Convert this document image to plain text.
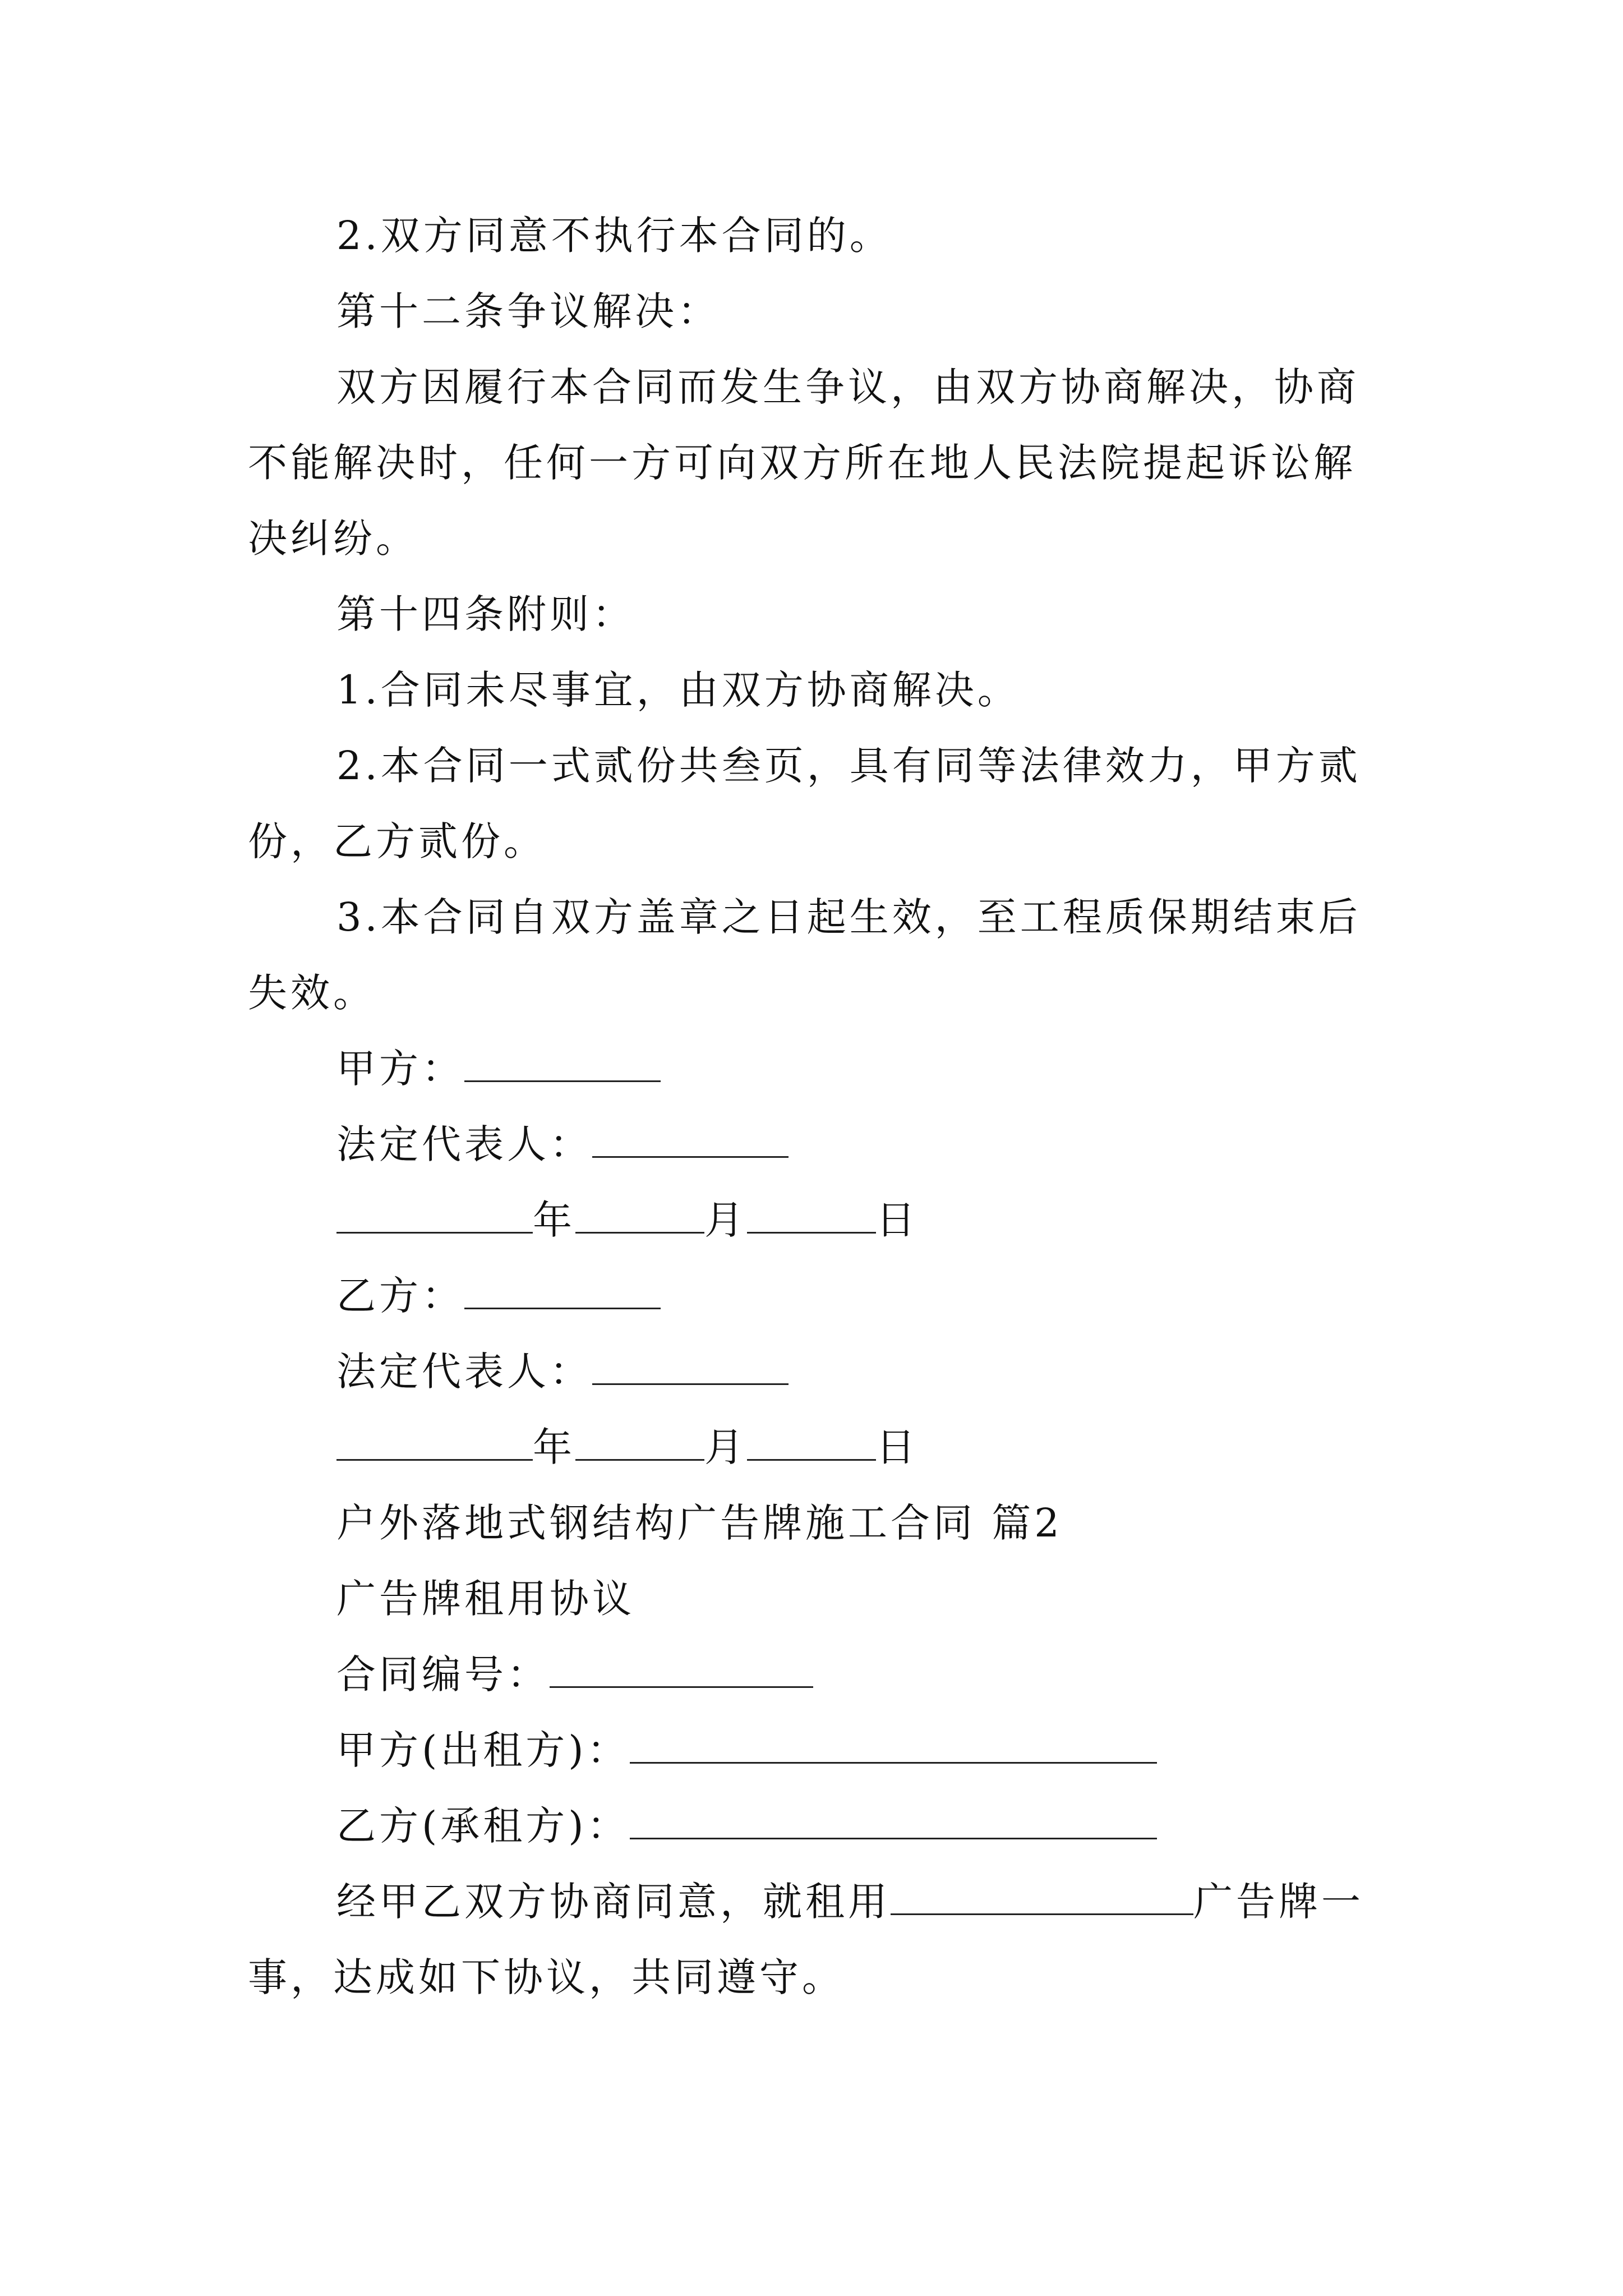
2.双方同意不执行本合同的。
第十二条争议解决：
双方因履行本合同而发生争议，由双方协商解决，协商
不能解决时，任何一方可向双方所在地人民法院提起诉讼解
决纠纷。
第十四条附则：
1.合同未尽事宜，由双方协商解决。
2.本合同一式贰份共叁页，具有同等法律效力，甲方贰
份，乙方贰份。
3.本合同自双方盖章之日起生效，至工程质保期结束后
失效。
甲方：
法定代表人：
年	月	日
乙方：
法定代表人：
年	月	日
户外落地式钢结构广告牌施工合同 篇2
广告牌租用协议
合同编号：
甲方(出租方)：
乙方(承租方)：
经甲乙双方协商同意，就租用	广告牌一
事，达成如下协议，共同遵守。
